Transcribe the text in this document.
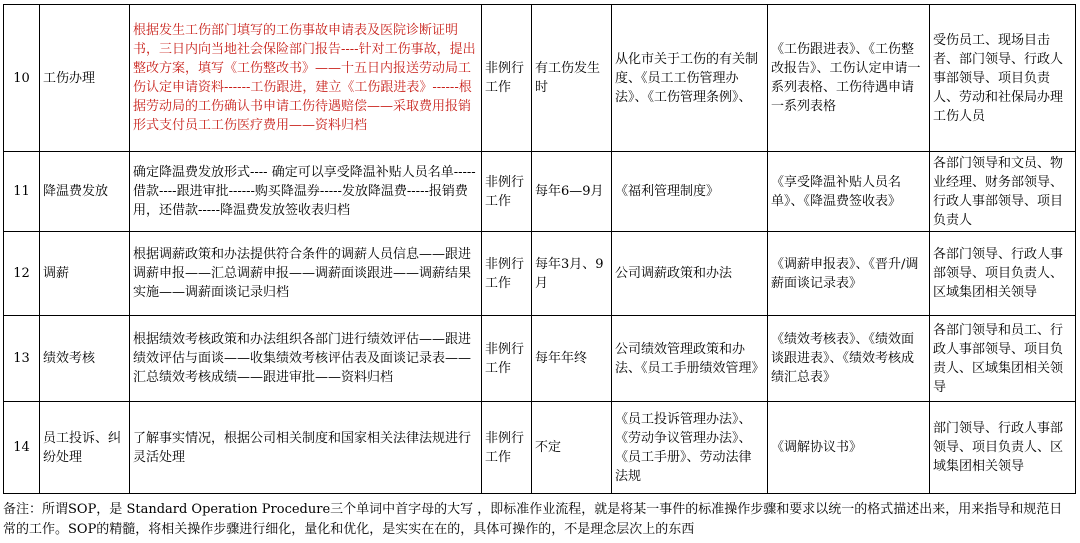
10	工伤办理	根据发生工伤部门填写的工伤事故申请表及医院诊断证明书，三日内向当地社会保险部门报告----针对工伤事故，提出整改方案，填写《工伤整改书》——十五日内报送劳动局工伤认定申请资料------工伤跟进，建立《工伤跟进表》------根据劳动局的工伤确认书申请工伤待遇赔偿——采取费用报销形式支付员工工伤医疗费用——资料归档	非例行工作	有工伤发生时	从化市关于工伤的有关制度、《员工工伤管理办法》、《工伤管理条例》、	《工伤跟进表》、《工伤整改报告》、工伤认定申请一系列表格、工伤待遇申请一系列表格	受伤员工、现场目击者、部门领导、行政人事部领导、项目负责人、劳动和社保局办理工伤人员
11	降温费发放	确定降温费发放形式---- 确定可以享受降温补贴人员名单-----借款----跟进审批------购买降温券-----发放降温费-----报销费用，还借款-----降温费发放签收表归档	非例行工作	每年6—9月	《福利管理制度》	《享受降温补贴人员名单》、《降温费签收表》	各部门领导和文员、物业经理、财务部领导、行政人事部领导、项目负责人
12	调薪	根据调薪政策和办法提供符合条件的调薪人员信息——跟进调薪申报——汇总调薪申报——调薪面谈跟进——调薪结果实施——调薪面谈记录归档	非例行工作	每年3月、9月	公司调薪政策和办法	《调薪申报表》、《晋升/调薪面谈记录表》	各部门领导、行政人事部领导、项目负责人、区域集团相关领导
13	绩效考核	根据绩效考核政策和办法组织各部门进行绩效评估——跟进绩效评估与面谈——收集绩效考核评估表及面谈记录表——汇总绩效考核成绩——跟进审批——资料归档	非例行工作	每年年终	公司绩效管理政策和办法、《员工手册绩效管理》	《绩效考核表》、《绩效面谈跟进表》、《绩效考核成绩汇总表》	各部门领导和员工、行政人事部领导、项目负责人、区域集团相关领导
14	员工投诉、纠纷处理	了解事实情况，根据公司相关制度和国家相关法律法规进行灵活处理	非例行工作	不定	《员工投诉管理办法》、《劳动争议管理办法》、《员工手册》、劳动法律法规	《调解协议书》	部门领导、行政人事部领导、项目负责人、区域集团相关领导
备注：所谓SOP，是 Standard Operation Procedure三个单词中首字母的大写 ，即标准作业流程，就是将某一事件的标准操作步骤和要求以统一的格式描述出来，用来指导和规范日常的工作。SOP的精髓，将相关操作步骤进行细化，量化和优化，是实实在在的，具体可操作的，不是理念层次上的东西
